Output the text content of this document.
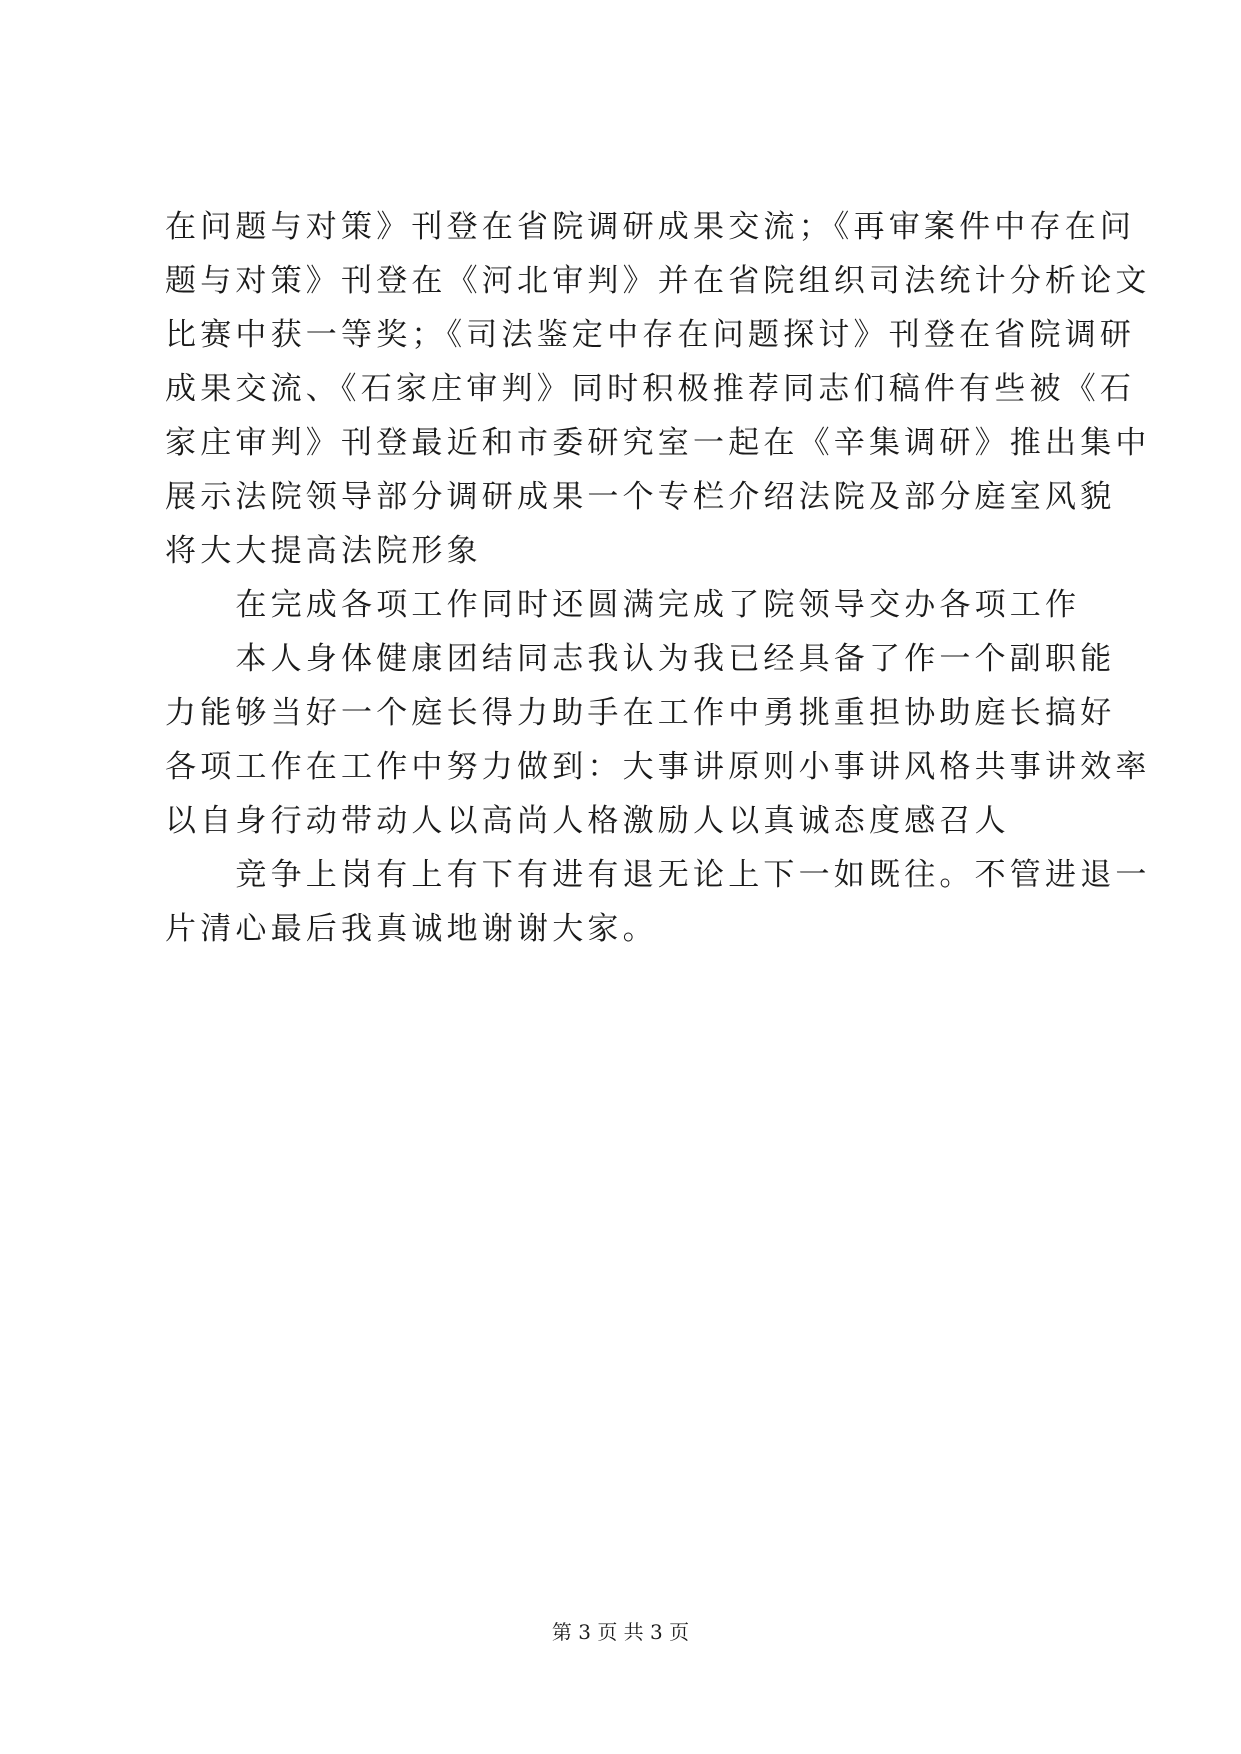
在问题与对策》刊登在省院调研成果交流；《再审案件中存在问
题与对策》刊登在《河北审判》并在省院组织司法统计分析论文
比赛中获一等奖；《司法鉴定中存在问题探讨》刊登在省院调研
成果交流、《石家庄审判》同时积极推荐同志们稿件有些被《石
家庄审判》刊登最近和市委研究室一起在《辛集调研》推出集中
展示法院领导部分调研成果一个专栏介绍法院及部分庭室风貌
将大大提高法院形象
　　在完成各项工作同时还圆满完成了院领导交办各项工作
　　本人身体健康团结同志我认为我已经具备了作一个副职能
力能够当好一个庭长得力助手在工作中勇挑重担协助庭长搞好
各项工作在工作中努力做到：大事讲原则小事讲风格共事讲效率
以自身行动带动人以高尚人格激励人以真诚态度感召人
　　竞争上岗有上有下有进有退无论上下一如既往。不管进退一
片清心最后我真诚地谢谢大家。
第 3 页 共 3 页
